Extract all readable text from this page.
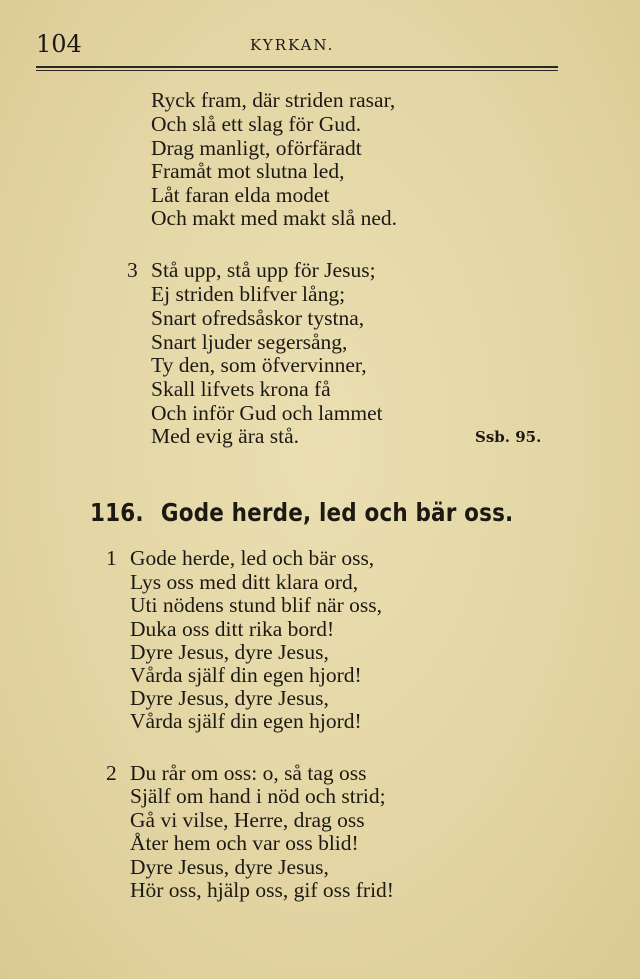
104	KYRKAN.
Ryck fram, där striden rasar,
Och slå ett slag för Gud.
Drag manligt, oförfäradt
Framåt mot slutna led,
Låt faran elda modet
Och makt med makt slå ned.
3 Stå upp, stå upp för Jesus;
Ej striden blifver lång;
Snart ofredsåskor tystna,
Snart ljuder segersång,
Ty den, som öfvervinner,
Skall lifvets krona få
Och inför Gud och lammet
Med evig ära stå.	Ssb. 95.
116. Gode herde, led och bär oss.
1 Gode herde, led och bär oss,
Lys oss med ditt klara ord,
Uti nödens stund blif när oss,
Duka oss ditt rika bord!
Dyre Jesus, dyre Jesus,
Vårda själf din egen hjord!
Dyre Jesus, dyre Jesus,
Vårda själf din egen hjord!
2 Du rår om oss: o, så tag oss
Själf om hand i nöd och strid;
Gå vi vilse, Herre, drag oss
Åter hem och var oss blid!
Dyre Jesus, dyre Jesus,
Hör oss, hjälp oss, gif oss frid!
